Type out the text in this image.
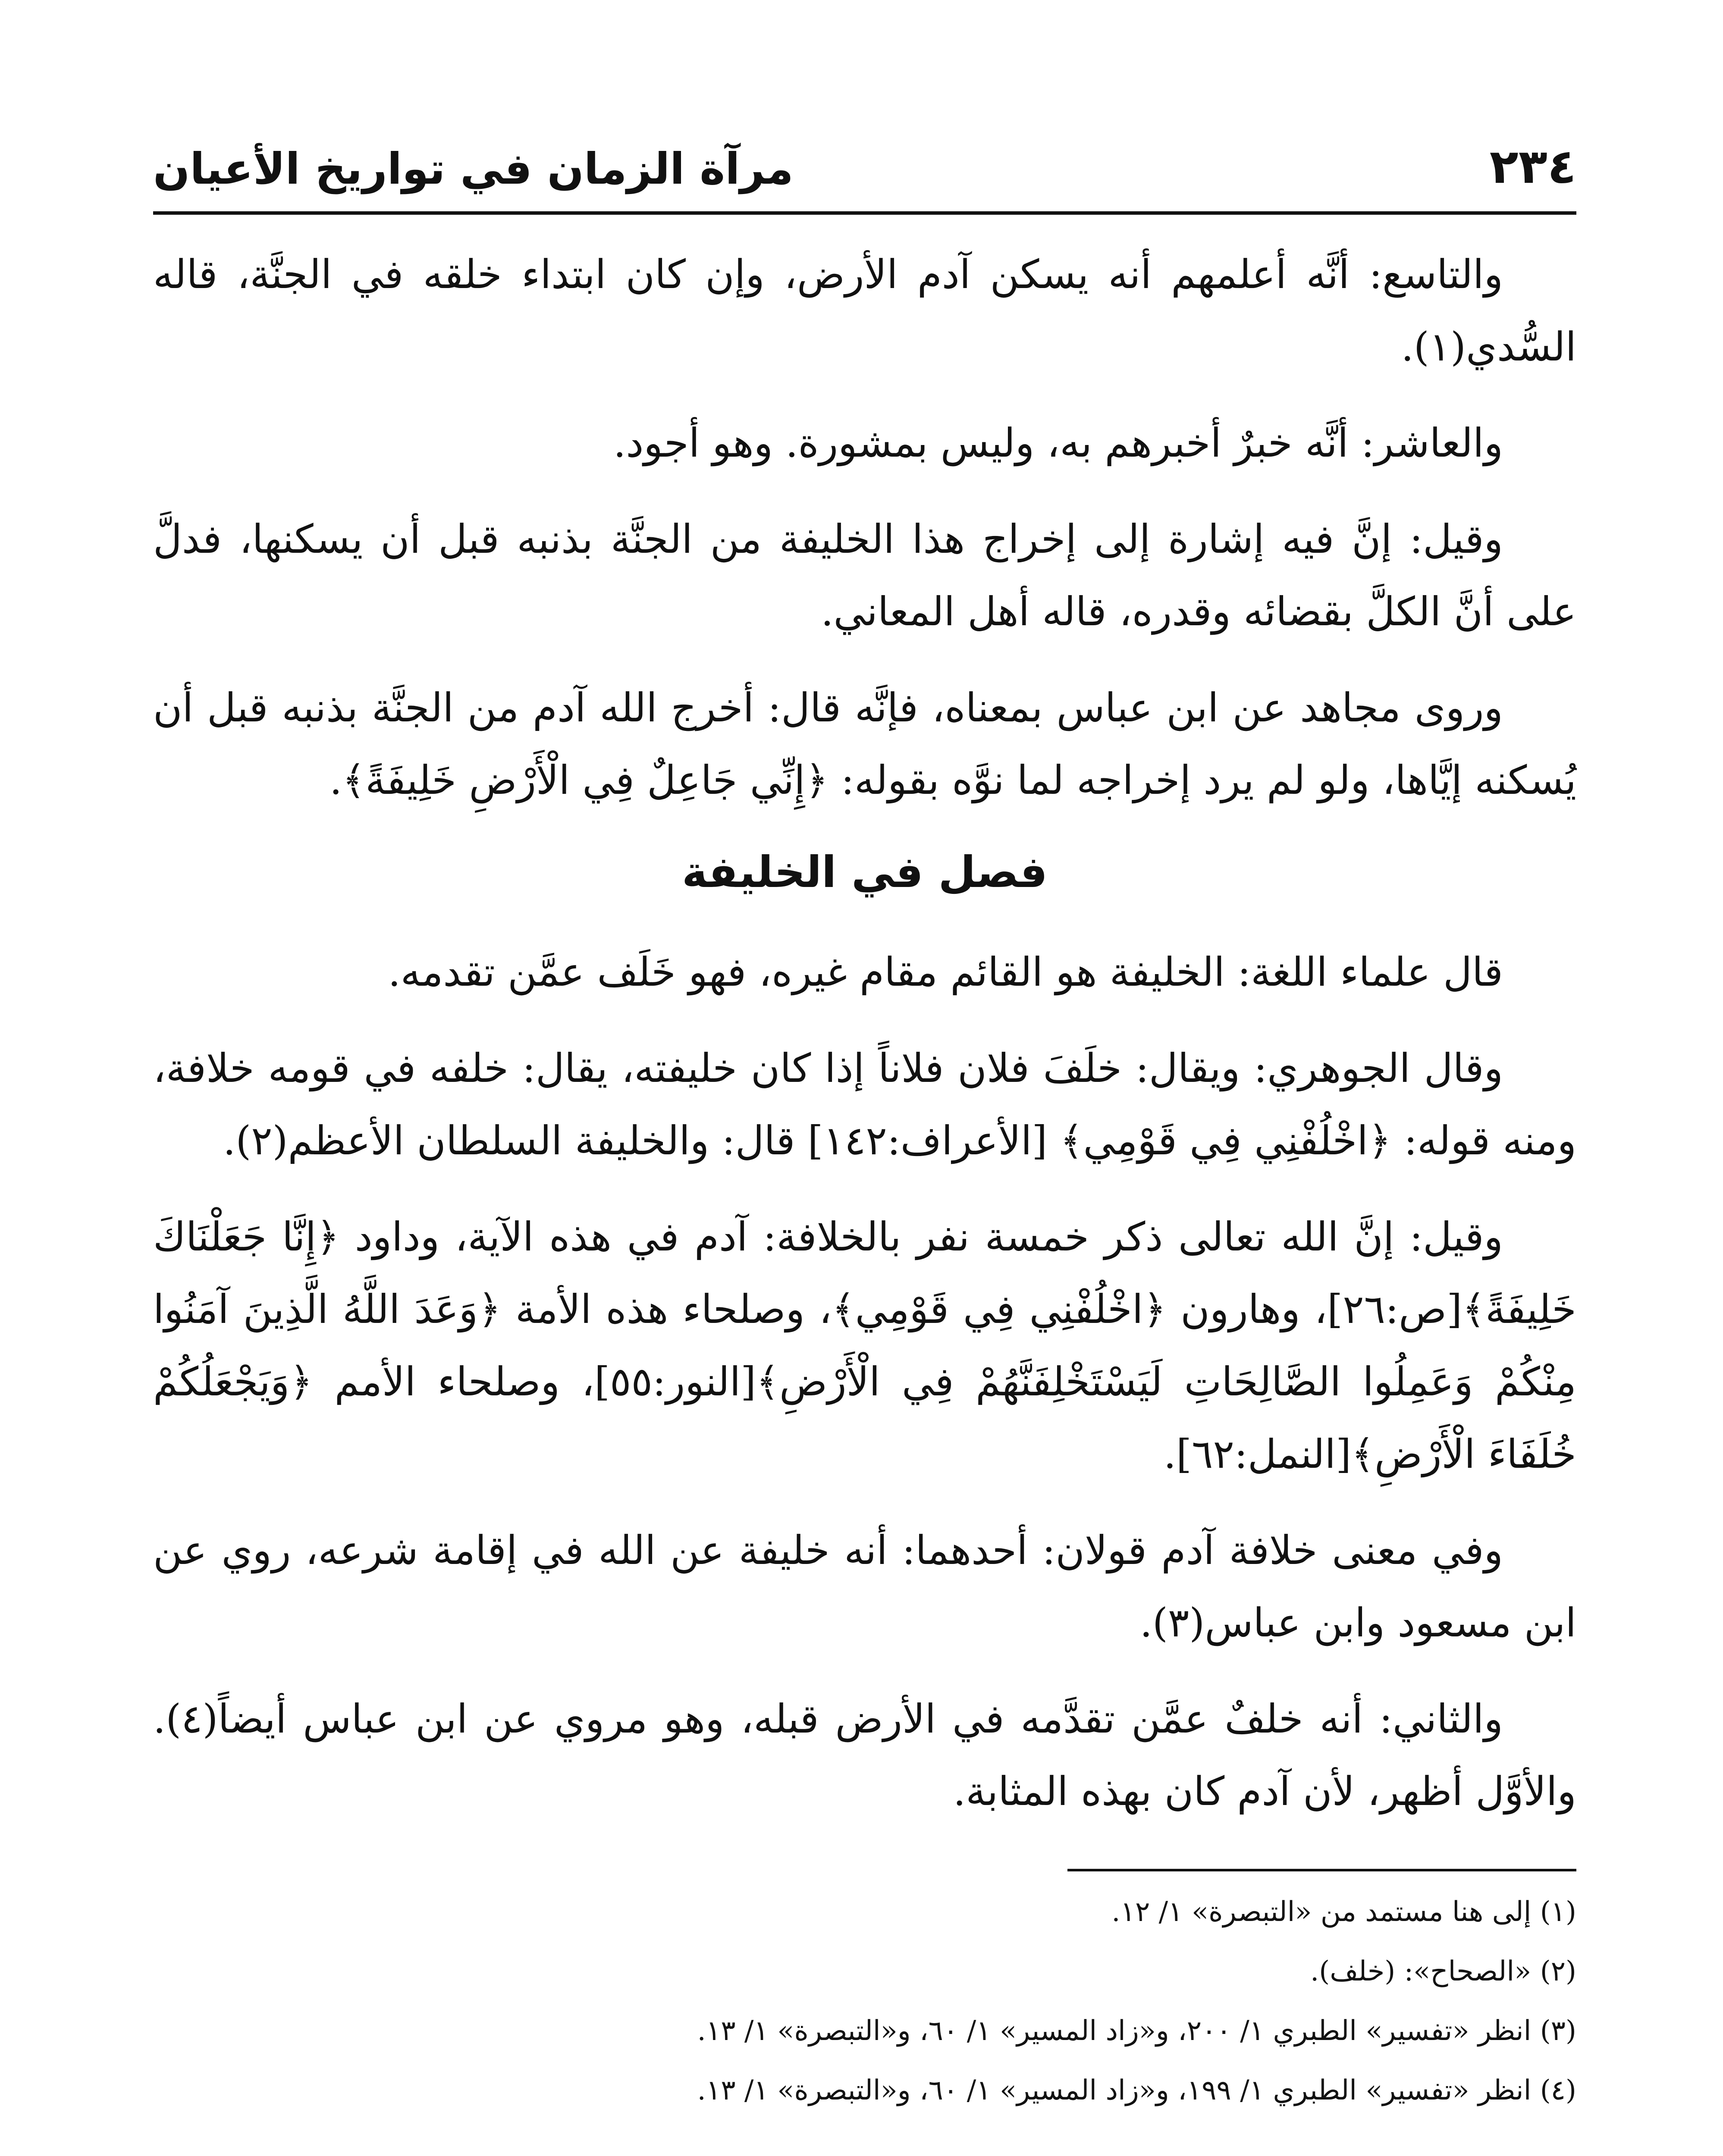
٢٣٤
مرآة الزمان في تواريخ الأعيان

والتاسع: أنَّه أعلمهم أنه يسكن آدم الأرض، وإن كان ابتداء خلقه في الجنَّة، قاله السُّدي(١).

والعاشر: أنَّه خبرٌ أخبرهم به، وليس بمشورة. وهو أجود.

وقيل: إنَّ فيه إشارة إلى إخراج هذا الخليفة من الجنَّة بذنبه قبل أن يسكنها، فدلَّ على أنَّ الكلَّ بقضائه وقدره، قاله أهل المعاني.

وروى مجاهد عن ابن عباس بمعناه، فإنَّه قال: أخرج الله آدم من الجنَّة بذنبه قبل أن يُسكنه إيَّاها، ولو لم يرد إخراجه لما نوَّه بقوله: ﴿إِنِّي جَاعِلٌ فِي الْأَرْضِ خَلِيفَةً﴾.

فصل في الخليفة

قال علماء اللغة: الخليفة هو القائم مقام غيره، فهو خَلَف عمَّن تقدمه.

وقال الجوهري: ويقال: خلَفَ فلان فلاناً إذا كان خليفته، يقال: خلفه في قومه خلافة، ومنه قوله: ﴿اخْلُفْنِي فِي قَوْمِي﴾ [الأعراف:١٤٢] قال: والخليفة السلطان الأعظم(٢).

وقيل: إنَّ الله تعالى ذكر خمسة نفر بالخلافة: آدم في هذه الآية، وداود ﴿إِنَّا جَعَلْنَاكَ خَلِيفَةً﴾[ص:٢٦]، وهارون ﴿اخْلُفْنِي فِي قَوْمِي﴾، وصلحاء هذه الأمة ﴿وَعَدَ اللَّهُ الَّذِينَ آمَنُوا مِنْكُمْ وَعَمِلُوا الصَّالِحَاتِ لَيَسْتَخْلِفَنَّهُمْ فِي الْأَرْضِ﴾[النور:٥٥]، وصلحاء الأمم ﴿وَيَجْعَلُكُمْ خُلَفَاءَ الْأَرْضِ﴾[النمل:٦٢].

وفي معنى خلافة آدم قولان: أحدهما: أنه خليفة عن الله في إقامة شرعه، روي عن ابن مسعود وابن عباس(٣).

والثاني: أنه خلفٌ عمَّن تقدَّمه في الأرض قبله، وهو مروي عن ابن عباس أيضاً(٤). والأوَّل أظهر، لأن آدم كان بهذه المثابة.

(١) إلى هنا مستمد من «التبصرة» ١/ ١٢.

(٢) «الصحاح»: (خلف).

(٣) انظر «تفسير» الطبري ١/ ٢٠٠، و«زاد المسير» ١/ ٦٠، و«التبصرة» ١/ ١٣.

(٤) انظر «تفسير» الطبري ١/ ١٩٩، و«زاد المسير» ١/ ٦٠، و«التبصرة» ١/ ١٣.
